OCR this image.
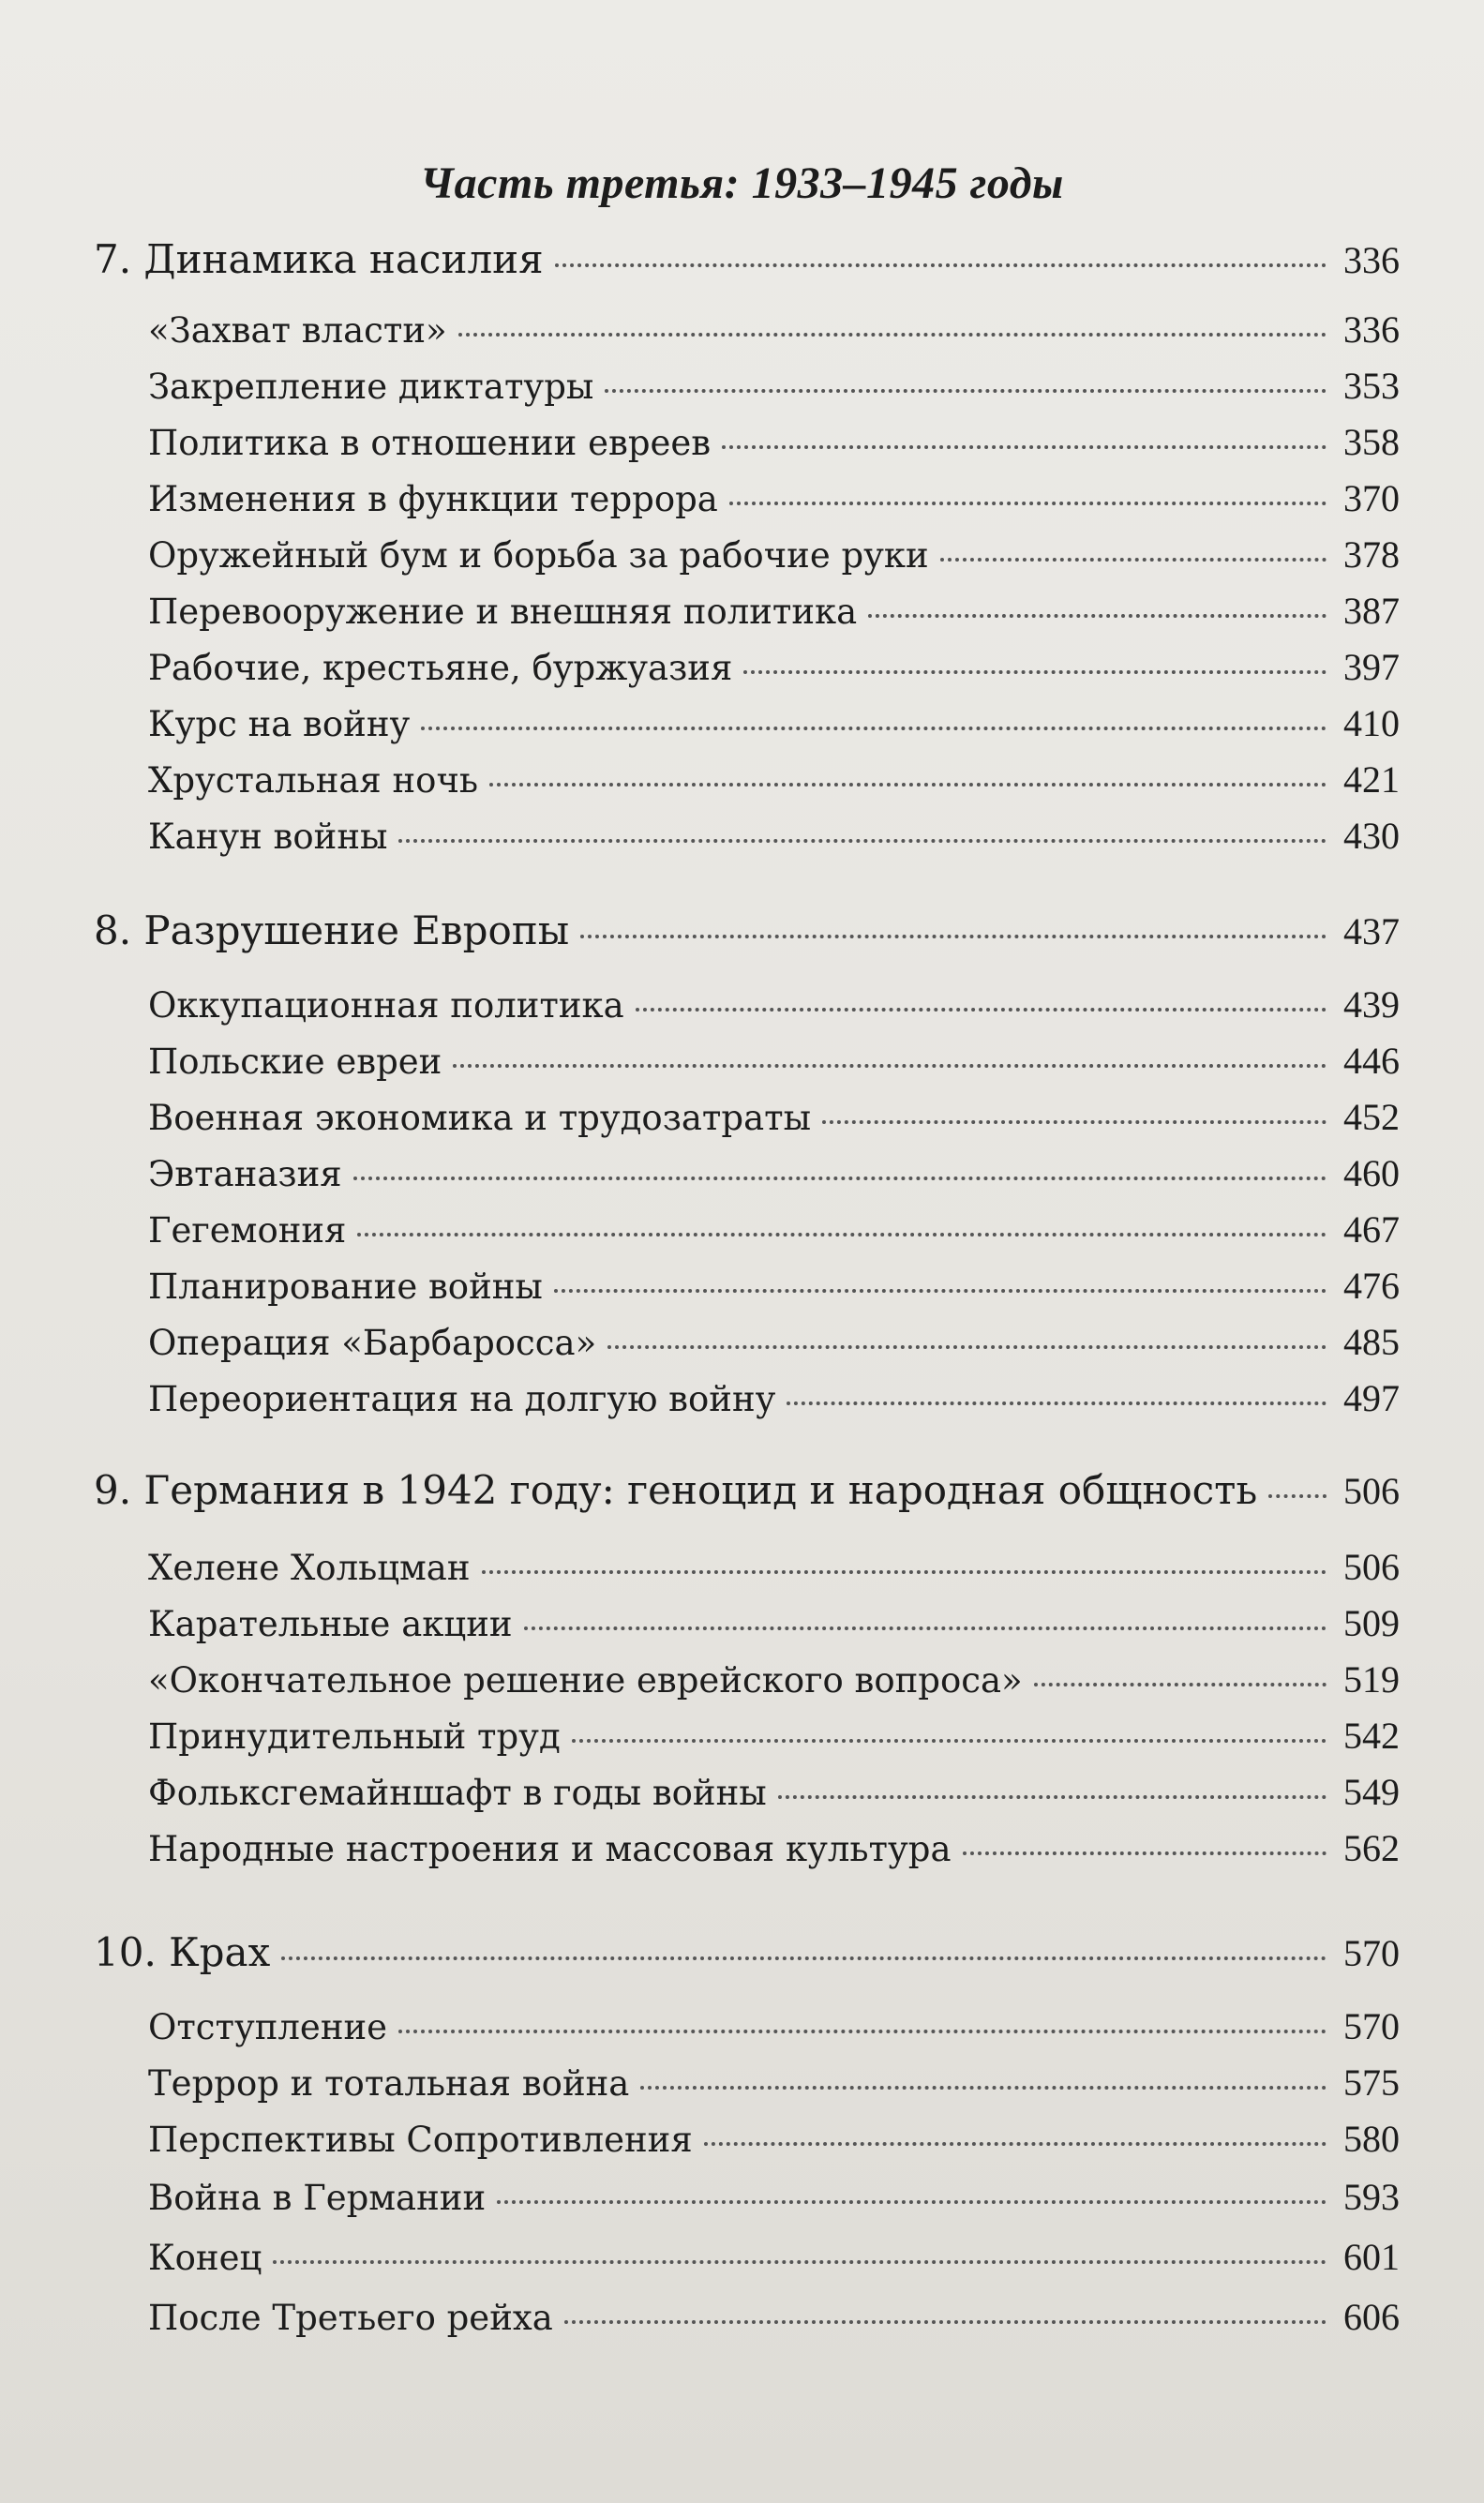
Часть третья: 1933–1945 годы
7. Динамика насилия	336
«Захват власти»	336
Закрепление диктатуры	353
Политика в отношении евреев	358
Изменения в функции террора	370
Оружейный бум и борьба за рабочие руки	378
Перевооружение и внешняя политика	387
Рабочие, крестьяне, буржуазия	397
Курс на войну	410
Хрустальная ночь	421
Канун войны	430
8. Разрушение Европы	437
Оккупационная политика	439
Польские евреи	446
Военная экономика и трудозатраты	452
Эвтаназия	460
Гегемония	467
Планирование войны	476
Операция «Барбаросса»	485
Переориентация на долгую войну	497
9. Германия в 1942 году: геноцид и народная общность 506
Хелене Хольцман	506
Карательные акции	509
«Окончательное решение еврейского вопроса»	519
Принудительный труд	542
Фольксгемайншафт в годы войны	549
Народные настроения и массовая культура	562
10. Крах	570
Отступление	570
Террор и тотальная война	575
Перспективы Сопротивления	580
Война в Германии	593
Конец	601
После Третьего рейха	606
